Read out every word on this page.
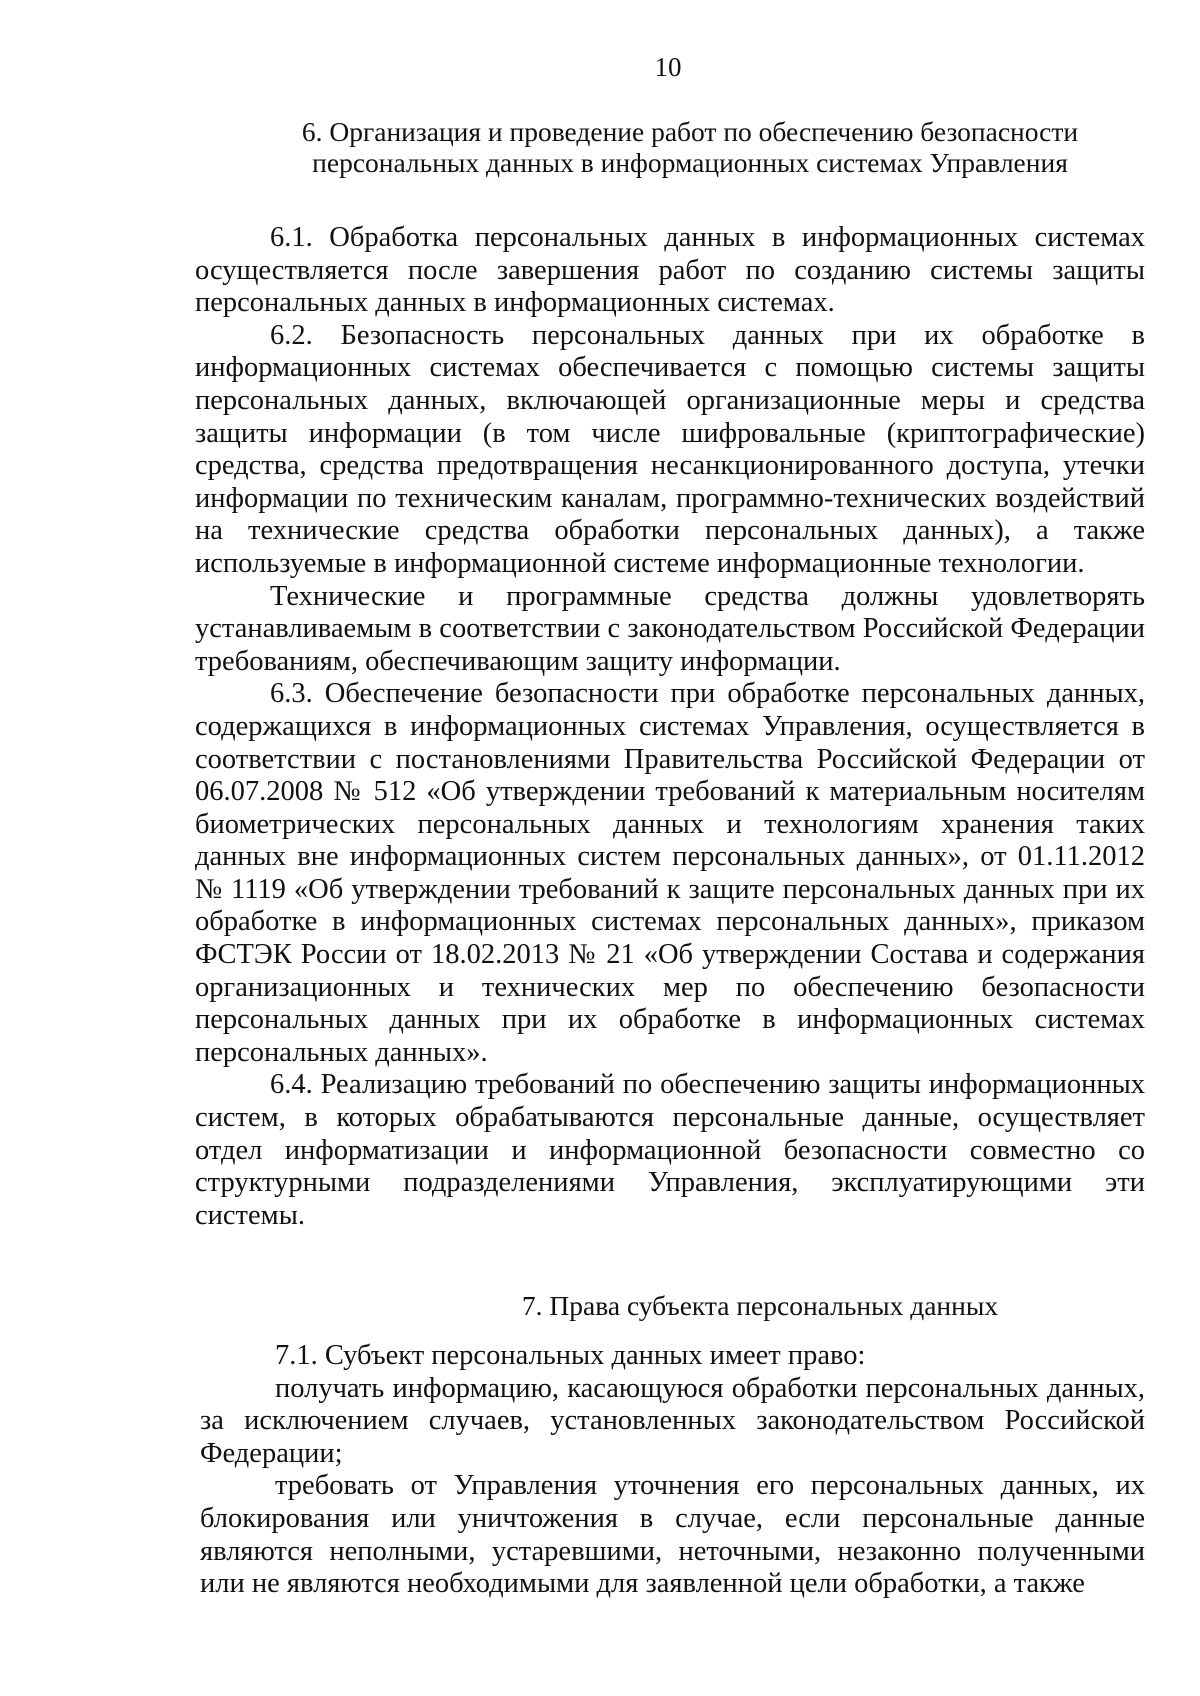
10
6. Организация и проведение работ по обеспечению безопасности персональных данных в информационных системах Управления

6.1. Обработка персональных данных в информационных системах осуществляется после завершения работ по созданию системы защиты персональных данных в информационных системах.

6.2. Безопасность персональных данных при их обработке в информационных системах обеспечивается с помощью системы защиты персональных данных, включающей организационные меры и средства защиты информации (в том числе шифровальные (криптографические) средства, средства предотвращения несанкционированного доступа, утечки информации по техническим каналам, программно-технических воздействий на технические средства обработки персональных данных), а также используемые в информационной системе информационные технологии.

Технические и программные средства должны удовлетворять устанавливаемым в соответствии с законодательством Российской Федерации требованиям, обеспечивающим защиту информации.

6.3. Обеспечение безопасности при обработке персональных данных, содержащихся в информационных системах Управления, осуществляется в соответствии с постановлениями Правительства Российской Федерации от 06.07.2008 № 512 «Об утверждении требований к материальным носителям биометрических персональных данных и технологиям хранения таких данных вне информационных систем персональных данных», от 01.11.2012 № 1119 «Об утверждении требований к защите персональных данных при их обработке в информационных системах персональных данных», приказом ФСТЭК России от 18.02.2013 № 21 «Об утверждении Состава и содержания организационных и технических мер по обеспечению безопасности персональных данных при их обработке в информационных системах персональных данных».

6.4. Реализацию требований по обеспечению защиты информационных систем, в которых обрабатываются персональные данные, осуществляет отдел информатизации и информационной безопасности совместно со структурными подразделениями Управления, эксплуатирующими эти системы.

7. Права субъекта персональных данных

7.1. Субъект персональных данных имеет право:

получать информацию, касающуюся обработки персональных данных, за исключением случаев, установленных законодательством Российской Федерации;

требовать от Управления уточнения его персональных данных, их блокирования или уничтожения в случае, если персональные данные являются неполными, устаревшими, неточными, незаконно полученными или не являются необходимыми для заявленной цели обработки, а также
